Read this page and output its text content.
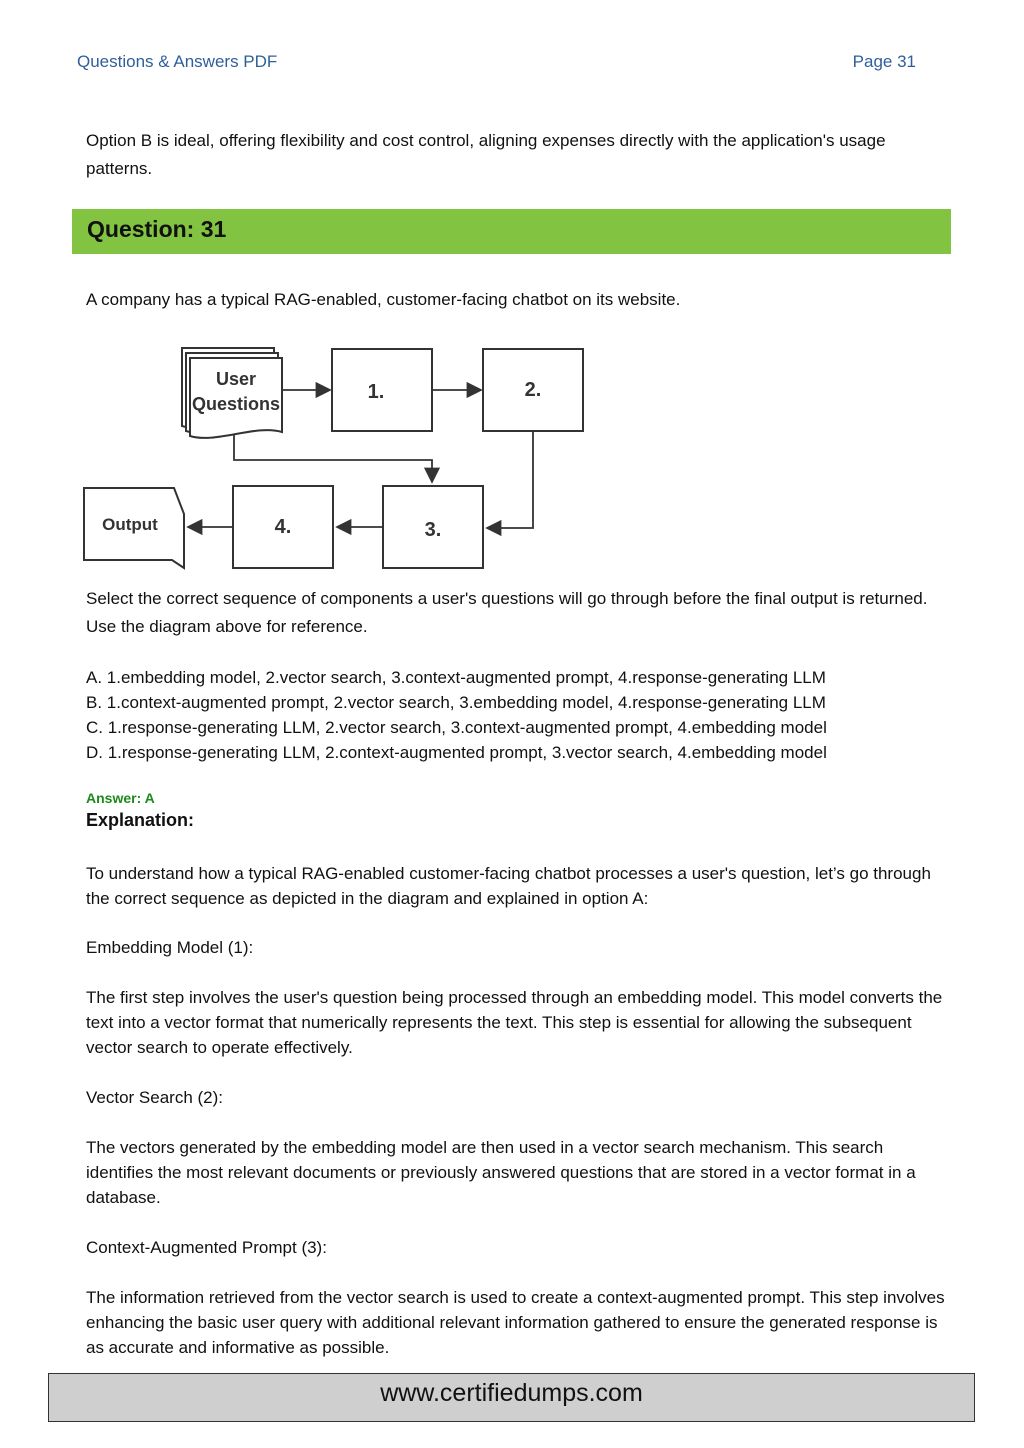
Questions & Answers PDF	Page 31

Option B is ideal, offering flexibility and cost control, aligning expenses directly with the application's usage patterns.

Question: 31

A company has a typical RAG-enabled, customer-facing chatbot on its website.

User
Questions
1.	2.
3.
4.
Output

Select the correct sequence of components a user's questions will go through before the final output is returned. Use the diagram above for reference.

A. 1.embedding model, 2.vector search, 3.context-augmented prompt, 4.response-generating LLM
B. 1.context-augmented prompt, 2.vector search, 3.embedding model, 4.response-generating LLM
C. 1.response-generating LLM, 2.vector search, 3.context-augmented prompt, 4.embedding model
D. 1.response-generating LLM, 2.context-augmented prompt, 3.vector search, 4.embedding model
Answer: A
Explanation:

To understand how a typical RAG-enabled customer-facing chatbot processes a user's question, let’s go through the correct sequence as depicted in the diagram and explained in option A:

Embedding Model (1):

The first step involves the user's question being processed through an embedding model. This model converts the text into a vector format that numerically represents the text. This step is essential for allowing the subsequent vector search to operate effectively.

Vector Search (2):

The vectors generated by the embedding model are then used in a vector search mechanism. This search identifies the most relevant documents or previously answered questions that are stored in a vector format in a database.

Context-Augmented Prompt (3):

The information retrieved from the vector search is used to create a context-augmented prompt. This step involves enhancing the basic user query with additional relevant information gathered to ensure the generated response is as accurate and informative as possible.

www.certifiedumps.com
